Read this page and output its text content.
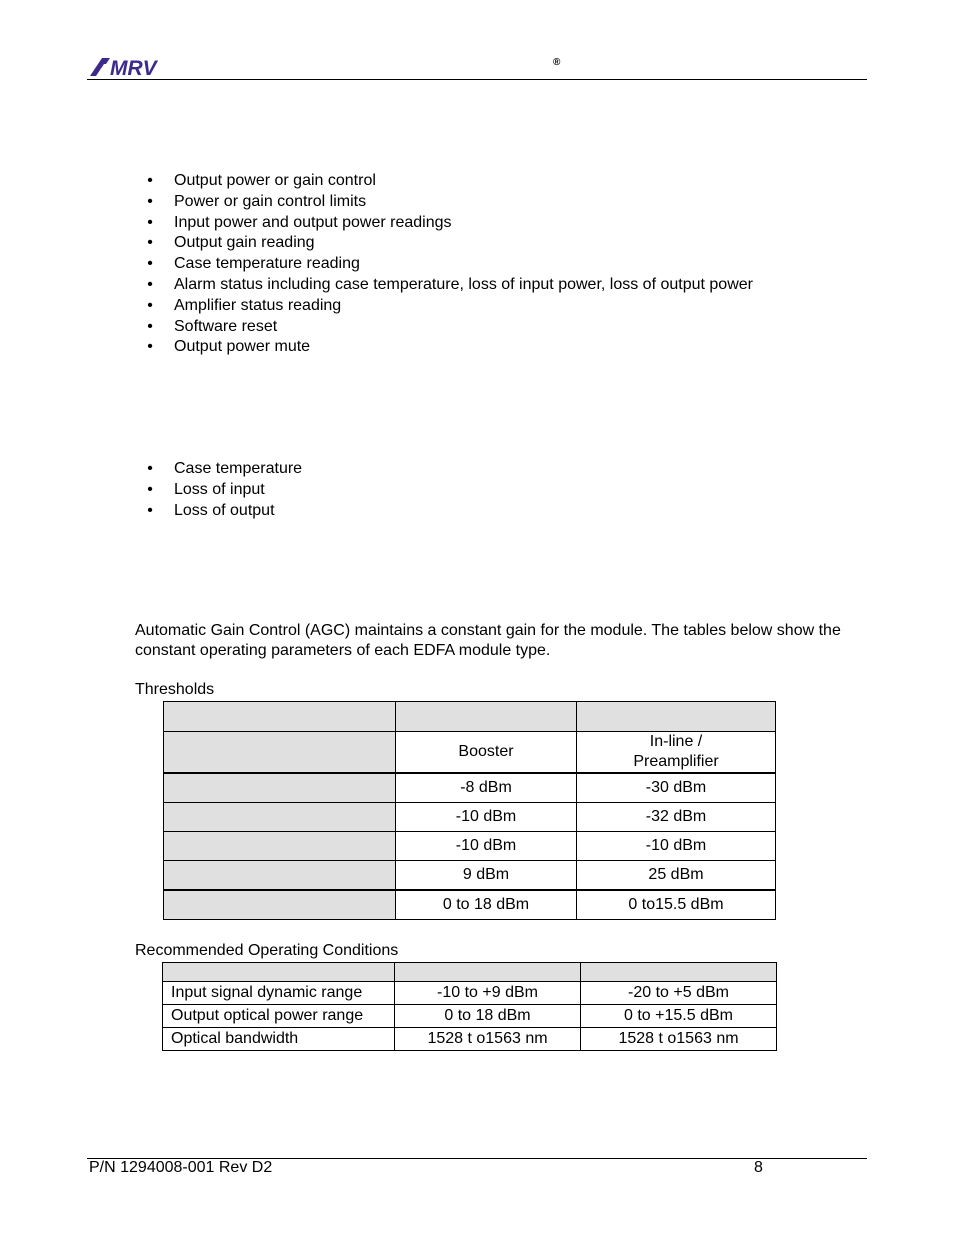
MRV	®
• Output power or gain control
• Power or gain control limits
• Input power and output power readings
• Output gain reading
• Case temperature reading
• Alarm status including case temperature, loss of input power, loss of output power
• Amplifier status reading
• Software reset
• Output power mute
• Case temperature
• Loss of input
• Loss of output
Automatic Gain Control (AGC) maintains a constant gain for the module. The tables below show the constant operating parameters of each EDFA module type.
Thresholds

	Booster	In-line / Preamplifier
	-8 dBm	-30 dBm
	-10 dBm	-32 dBm
	-10 dBm	-10 dBm
	9 dBm	25 dBm
	0 to 18 dBm	0 to15.5 dBm
Recommended Operating Conditions

Input signal dynamic range	-10 to +9 dBm	-20 to +5 dBm
Output optical power range	0 to 18 dBm	0 to +15.5 dBm
Optical bandwidth	1528 t o1563 nm	1528 t o1563 nm
P/N 1294008-001 Rev D2	8
